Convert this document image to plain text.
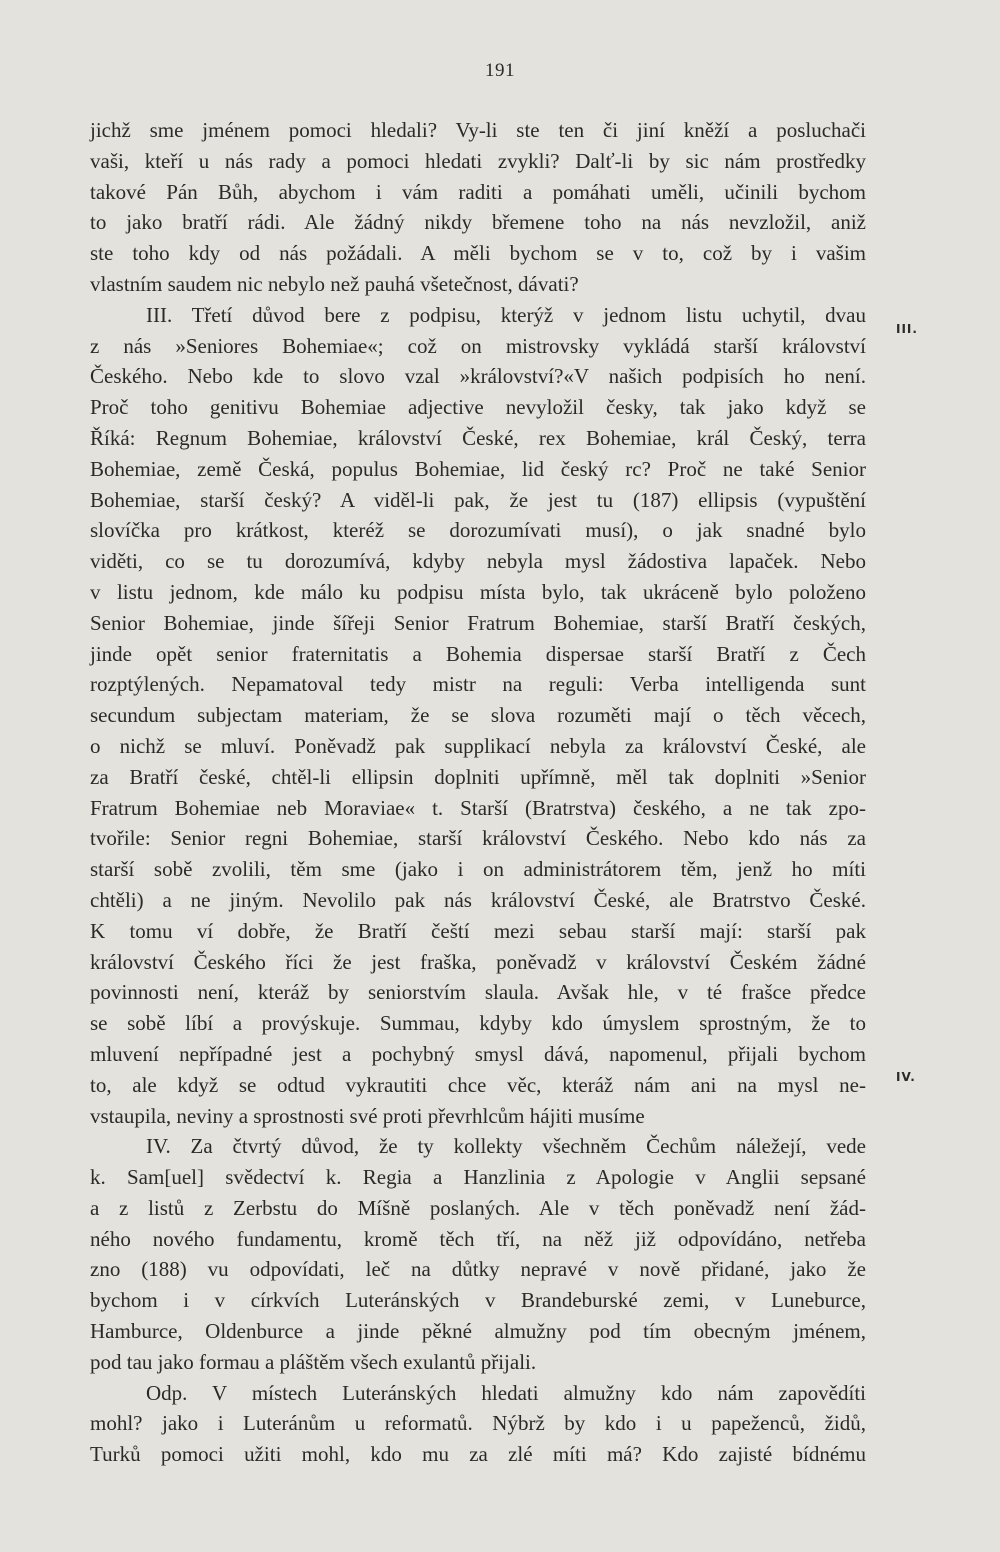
191
III.
IV.
jichž sme jménem pomoci hledali? Vy-li ste ten či jiní kněží a posluchači
vaši, kteří u nás rady a pomoci hledati zvykli? Dalť-li by sic nám prostředky
takové Pán Bůh, abychom i vám raditi a pomáhati uměli, učinili bychom
to jako bratří rádi. Ale žádný nikdy břemene toho na nás nevzložil, aniž
ste toho kdy od nás požádali. A měli bychom se v to, což by i vašim
vlastním saudem nic nebylo než pauhá všetečnost, dávati?
III. Třetí důvod bere z podpisu, kterýž v jednom listu uchytil, dvau
z nás »Seniores Bohemiae«; což on mistrovsky vykládá starší království
Českého. Nebo kde to slovo vzal »království?«V našich podpisích ho není.
Proč toho genitivu Bohemiae adjective nevyložil česky, tak jako když se
Říká: Regnum Bohemiae, království České, rex Bohemiae, král Český, terra
Bohemiae, země Česká, populus Bohemiae, lid český rc? Proč ne také Senior
Bohemiae, starší český? A viděl-li pak, že jest tu (187) ellipsis (vypuštění
slovíčka pro krátkost, kteréž se dorozumívati musí), o jak snadné bylo
viděti, co se tu dorozumívá, kdyby nebyla mysl žádostiva lapaček. Nebo
v listu jednom, kde málo ku podpisu místa bylo, tak ukráceně bylo položeno
Senior Bohemiae, jinde šířeji Senior Fratrum Bohemiae, starší Bratří českých,
jinde opět senior fraternitatis a Bohemia dispersae starší Bratří z Čech
rozptýlených. Nepamatoval tedy mistr na reguli: Verba intelligenda sunt
secundum subjectam materiam, že se slova rozuměti mají o těch věcech,
o nichž se mluví. Poněvadž pak supplikací nebyla za království České, ale
za Bratří české, chtěl-li ellipsin doplniti upřímně, měl tak doplniti »Senior
Fratrum Bohemiae neb Moraviae« t. Starší (Bratrstva) českého, a ne tak zpo-
tvořile: Senior regni Bohemiae, starší království Českého. Nebo kdo nás za
starší sobě zvolili, těm sme (jako i on administrátorem těm, jenž ho míti
chtěli) a ne jiným. Nevolilo pak nás království České, ale Bratrstvo České.
K tomu ví dobře, že Bratří čeští mezi sebau starší mají: starší pak
království Českého říci že jest fraška, poněvadž v království Českém žádné
povinnosti není, kteráž by seniorstvím slaula. Avšak hle, v té frašce předce
se sobě líbí a provýskuje. Summau, kdyby kdo úmyslem sprostným, že to
mluvení nepřípadné jest a pochybný smysl dává, napomenul, přijali bychom
to, ale když se odtud vykrautiti chce věc, kteráž nám ani na mysl ne-
vstaupila, neviny a sprostnosti své proti převrhlcům hájiti musíme
IV. Za čtvrtý důvod, že ty kollekty všechněm Čechům náležejí, vede
k. Sam[uel] svědectví k. Regia a Hanzlinia z Apologie v Anglii sepsané
a z listů z Zerbstu do Míšně poslaných. Ale v těch poněvadž není žád-
ného nového fundamentu, kromě těch tří, na něž již odpovídáno, netřeba
zno (188) vu odpovídati, leč na důtky nepravé v nově přidané, jako že
bychom i v církvích Luteránských v Brandeburské zemi, v Luneburce,
Hamburce, Oldenburce a jinde pěkné almužny pod tím obecným jménem,
pod tau jako formau a pláštěm všech exulantů přijali.
Odp. V místech Luteránských hledati almužny kdo nám zapovědíti
mohl? jako i Luteránům u reformatů. Nýbrž by kdo i u papeženců, židů,
Turků pomoci užiti mohl, kdo mu za zlé míti má? Kdo zajisté bídnému
